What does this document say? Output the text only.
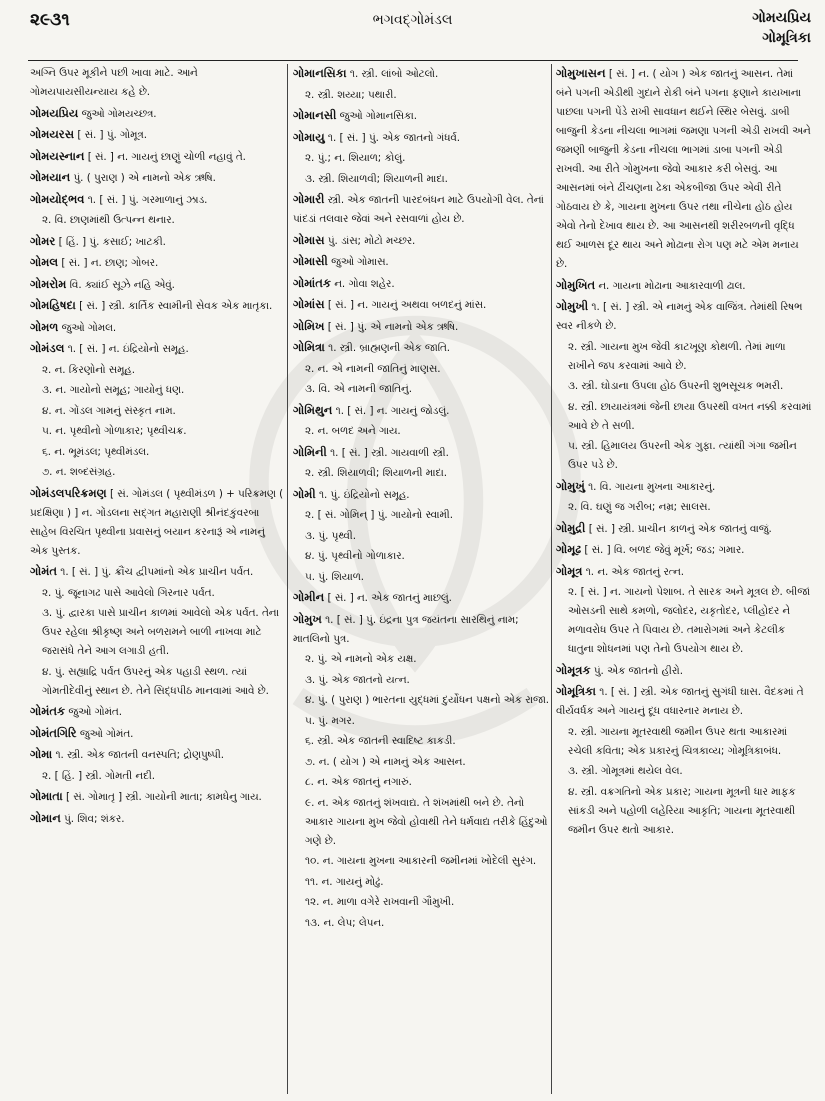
૨૯૩૧	ભગવદ્ગોમંડલ	ગોમયપ્રિય
ગોમૂત્રિકા
અગ્નિ ઉપર મૂકીને પછી ખાવા માટે. આને ગોમયપાયસીયન્યાય કહે છે.
ગોમયપ્રિય જુઓ ગોમયચ્છત્ર.
ગોમયરસ [ સં. ] પું. ગોમૂત્ર.
ગોમયસ્નાન [ સં. ] ન. ગાયનું છાણું ચોળી નહાવું તે.
ગોમયાન પું. ( પુરાણ ) એ નામનો એક ઋષિ.
ગોમયોદ્ભવ ૧. [ સં. ] પું. ગરમાળાનું ઝાડ.
૨. વિ. છાણમાંથી ઉત્પન્ન થનાર.
ગોમર [ હિં. ] પું. કસાઈ; ખાટકી.
ગોમલ [ સં. ] ન. છાણ; ગોબર.
ગોમરોમ વિ. ક્યાંઈ સૂઝે નહિ એવું.
ગોમહિષદા [ સં. ] સ્ત્રી. કાર્તિક સ્વામીની સેવક એક માતૃકા.
ગોમળ જુઓ ગોમલ.
ગોમંડલ ૧. [ સં. ] ન. ઇંદ્રિયોનો સમૂહ.
૨. ન. કિરણોનો સમૂહ.
૩. ન. ગાયોનો સમૂહ; ગાયોનું ધણ.
૪. ન. ગોંડલ ગામનું સંસ્કૃત નામ.
૫. ન. પૃથ્વીનો ગોળાકાર; પૃથ્વીચક્ર.
૬. ન. ભૂમંડલ; પૃથ્વીમંડલ.
૭. ન. શબ્દસંગ્રહ.
ગોમંડલપરિક્રમણ [ સં. ગોમંડલ ( પૃથ્વીમંડળ ) + પરિક્રમણ ( પ્રદક્ષિણા ) ] ન. ગોંડલના સદ્ગત મહારાણી શ્રીનંદકુંવરબા સાહેબ વિરચિત પૃથ્વીના પ્રવાસનું બયાન કરનારૂં એ નામનું એક પુસ્તક.
ગોમંત ૧. [ સં. ] પું. ક્રૌંચ દ્વીપમાંનો એક પ્રાચીન પર્વત.
૨. પું. જૂનાગઢ પાસે આવેલો ગિરનાર પર્વત.
૩. પું. દ્વારકા પાસે પ્રાચીન કાળમાં આવેલો એક પર્વત. તેના ઉપર રહેલા શ્રીકૃષ્ણ અને બળરામને બાળી નાખવા માટે જરાસંધે તેને આગ લગાડી હતી.
૪. પું. સહ્યાદ્રિ પર્વત ઉપરનું એક પહાડી સ્થળ. ત્યાં ગોમતીદેવીનું સ્થાન છે. તેને સિદ્ધપીઠ માનવામાં આવે છે.
ગોમંતક જુઓ ગોમંત.
ગોમંતગિરિ જુઓ ગોમંત.
ગોમા ૧. સ્ત્રી. એક જાતની વનસ્પતિ; દ્રોણપુષ્પી.
૨. [ હિં. ] સ્ત્રી. ગોમતી નદી.
ગોમાતા [ સં. ગોમાતૃ ] સ્ત્રી. ગાયોની માતા; કામધેનુ ગાય.
ગોમાન પું. શિવ; શંકર.
ગોમાનસિકા ૧. સ્ત્રી. લાંબો ઓટલો.
૨. સ્ત્રી. શય્યા; પથારી.
ગોમાનસી જુઓ ગોમાનસિકા.
ગોમાયુ ૧. [ સં. ] પું. એક જાતનો ગંધર્વ.
૨. પું.; ન. શિયાળ; કોલું.
૩. સ્ત્રી. શિયાળવી; શિયાળની માદા.
ગોમારી સ્ત્રી. એક જાતની પારદબંધન માટે ઉપયોગી વેલ. તેનાં પાંદડાં તલવાર જેવાં અને રસવાળાં હોય છે.
ગોમાસ પું. ડાંસ; મોટો મચ્છર.
ગોમાસી જુઓ ગોમાસ.
ગોમાંતક ન. ગોવા શહેર.
ગોમાંસ [ સં. ] ન. ગાયનું અથવા બળદનું માંસ.
ગોમિખ [ સં. ] પું. એ નામનો એક ઋષિ.
ગોમિત્રા ૧. સ્ત્રી. બ્રાહ્મણની એક જાતિ.
૨. ન. એ નામની જાતિનું માણસ.
૩. વિ. એ નામની જાતિનું.
ગોમિથુન ૧. [ સં. ] ન. ગાયનું જોડલું.
૨. ન. બળદ અને ગાય.
ગોમિની ૧. [ સં. ] સ્ત્રી. ગાયવાળી સ્ત્રી.
૨. સ્ત્રી. શિયાળવી; શિયાળની માદા.
ગોમી ૧. પું. ઇંદ્રિયોનો સમૂહ.
૨. [ સં. ગોમિન્ ] પું. ગાયોનો સ્વામી.
૩. પું. પૃથ્વી.
૪. પું. પૃથ્વીનો ગોળાકાર.
૫. પું. શિયાળ.
ગોમીન [ સં. ] ન. એક જાતનું માછલું.
ગોમુખ ૧. [ સં. ] પું. ઇંદ્રના પુત્ર જયંતના સારથિનું નામ; માતલિનો પુત્ર.
૨. પું. એ નામનો એક યક્ષ.
૩. પું. એક જાતનો યત્ન.
૪. પું. ( પુરાણ ) ભારતના યુદ્ધમાં દુર્યોધન પક્ષનો એક રાજા.
૫. પું. મગર.
૬. સ્ત્રી. એક જાતની સ્વાદિષ્ટ કાકડી.
૭. ન. ( યોગ ) એ નામનું એક આસન.
૮. ન. એક જાતનું નગારું.
૯. ન. એક જાતનું શંખવાદ્ય. તે શંખમાંથી બને છે. તેનો આકાર ગાયના મુખ જેવો હોવાથી તેને ધર્મવાદ્ય તરીકે હિંદુઓ ગણે છે.
૧૦. ન. ગાયના મુખના આકારની જમીનમાં ખોદેલી સુરંગ.
૧૧. ન. ગાયનું મોઢું.
૧૨. ન. માળા વગેરે રાખવાની ગૌમુખી.
૧૩. ન. લેપ; લેપન.
ગોમુખાસન [ સં. ] ન. ( યોગ ) એક જાતનું આસન. તેમાં બંને પગની એડીથી ગુદાને રોકી બંને પગના ફણાને કાયખાના પાછલા પગની પેંડે રાખી સાવધાન થઈને સ્થિર બેસવું. ડાબી બાજુની કેડના નીચલા ભાગમાં જમણા પગની એડી રાખવી અને જમણી બાજુની કેડના નીચલા ભાગમાં ડાબા પગની એડી રાખવી. આ રીતે ગોમુખના જેવો આકાર કરી બેસવું. આ આસનમાં બંને ઢીંચણના ઢેકા એકબીજા ઉપર એવી રીતે ગોઠવાય છે કે, ગાયના મુખના ઉપર તથા નીચેના હોઠ હોય એવો તેનો દેખાવ થાય છે. આ આસનથી શરીરબળની વૃદ્ધિ થઈ આળસ દૂર થાય અને મોઢાના રોગ પણ મટે એમ મનાય છે.
ગોમુખિત ન. ગાયના મોઢાના આકારવાળી ઢાલ.
ગોમુખી ૧. [ સં. ] સ્ત્રી. એ નામનું એક વાજિંત્ર. તેમાંથી રિષભ સ્વર નીકળે છે.
૨. સ્ત્રી. ગાયના મુખ જેવી કાટખૂણ કોથળી. તેમાં માળા રાખીને જપ કરવામાં આવે છે.
૩. સ્ત્રી. ઘોડાના ઉપલા હોઠ ઉપરની શુભસૂચક ભમરી.
૪. સ્ત્રી. છાયાયંત્રમાં જેની છાયા ઉપરથી વખત નક્કી કરવામાં આવે છે તે સળી.
૫. સ્ત્રી. હિમાલય ઉપરની એક ગુફા. ત્યાંથી ગંગા જમીન ઉપર પડે છે.
ગોમુખું ૧. વિ. ગાયના મુખના આકારનું.
૨. વિ. ઘણું જ ગરીબ; નમ્ર; સાલસ.
ગોમુદ્રી [ સં. ] સ્ત્રી. પ્રાચીન કાળનું એક જાતનું વાજું.
ગોમૂઢ [ સં. ] વિ. બળદ જેવું મૂર્ખ; જડ; ગમાર.
ગોમૂત્ર ૧. ન. એક જાતનું રત્ન.
૨. [ સં. ] ન. ગાયનો પેશાબ. તે સારક અને મૂત્રલ છે. બીજાં ઓસડની સાથે કમળો, જલોદર, યકૃતોદર, પ્લીહોદર ને મળાવરોધ ઉપર તે પિવાય છે. તમારોગમાં અને કેટલીક ધાતુના શોધનમાં પણ તેનો ઉપયોગ થાય છે.
ગોમૂત્રક પું. એક જાતનો હીરો.
ગોમૂત્રિકા ૧. [ સં. ] સ્ત્રી. એક જાતનું સુગંધી ઘાસ. વૈદકમાં તે વીર્યવર્ધક અને ગાયનું દૂધ વધારનાર મનાય છે.
૨. સ્ત્રી. ગાયના મૂતરવાથી જમીન ઉપર થતા આકારમાં રચેલી કવિતા; એક પ્રકારનું ચિત્રકાવ્ય; ગોમૂત્રિકાબંધ.
૩. સ્ત્રી. ગોમૂત્રમાં થયેલ વેલ.
૪. સ્ત્રી. વક્રગતિનો એક પ્રકાર; ગાયના મૂત્રની ધાર માફક સાંકડી અને પહોળી લહેરિયા આકૃતિ; ગાયના મૂતરવાથી જમીન ઉપર થતો આકાર.
